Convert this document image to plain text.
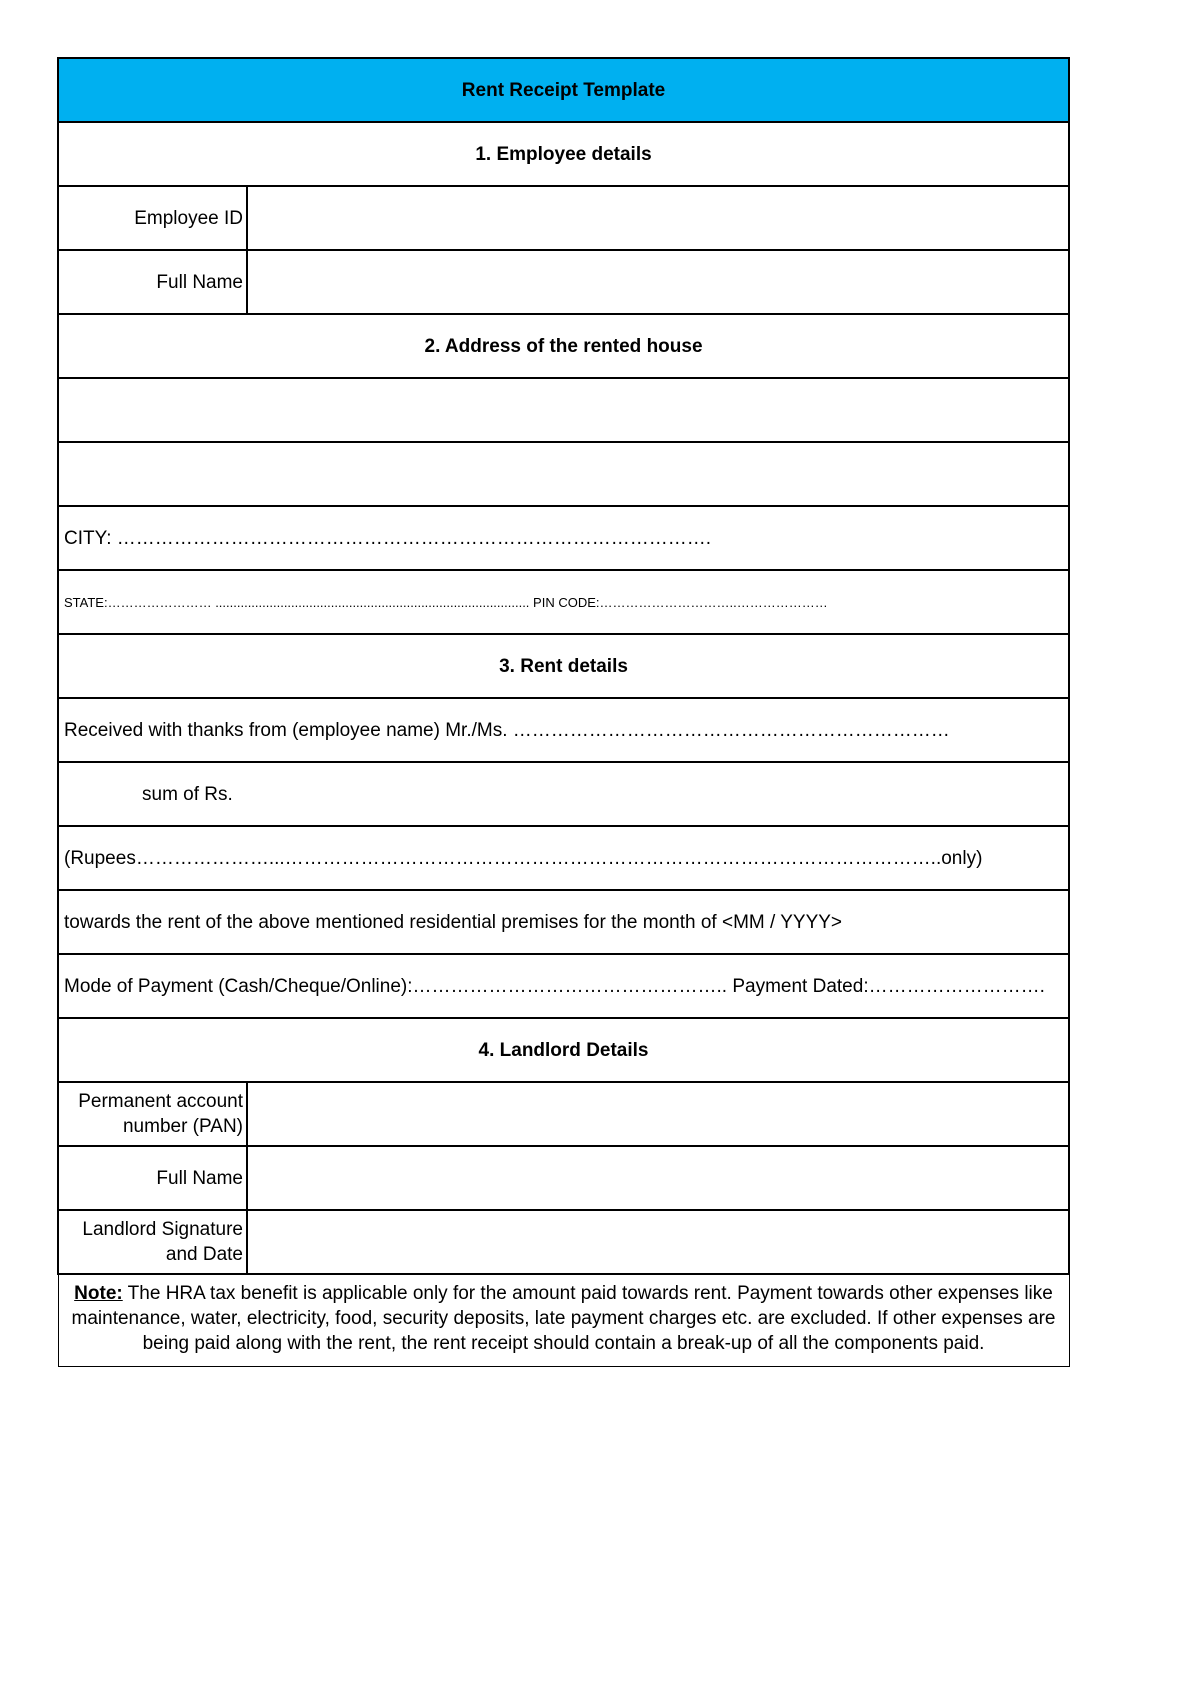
Rent Receipt Template	
1. Employee details	
Employee ID	
Full Name	
2. Address of the rented house	

CITY: ………………………………………………………………………………….	
STATE:…………………… ....................................................................................... PIN CODE:…………………………..…………………	
3. Rent details	
Received with thanks from (employee name) Mr./Ms. ……………………………………………………………	
sum of Rs.	
(Rupees…………………...…………………………………………………………………………………………..only)	
towards the rent of the above mentioned residential premises for the month of <MM / YYYY>	
Mode of Payment (Cash/Cheque/Online):………………………………………….. Payment Dated:……………………….	
4. Landlord Details	
Permanent account
number (PAN)	
Full Name	
Landlord Signature
and Date	
Note: The HRA tax benefit is applicable only for the amount paid towards rent. Payment towards other expenses like maintenance, water, electricity, food, security deposits, late payment charges etc. are excluded. If other expenses are being paid along with the rent, the rent receipt should contain a break-up of all the components paid.	
